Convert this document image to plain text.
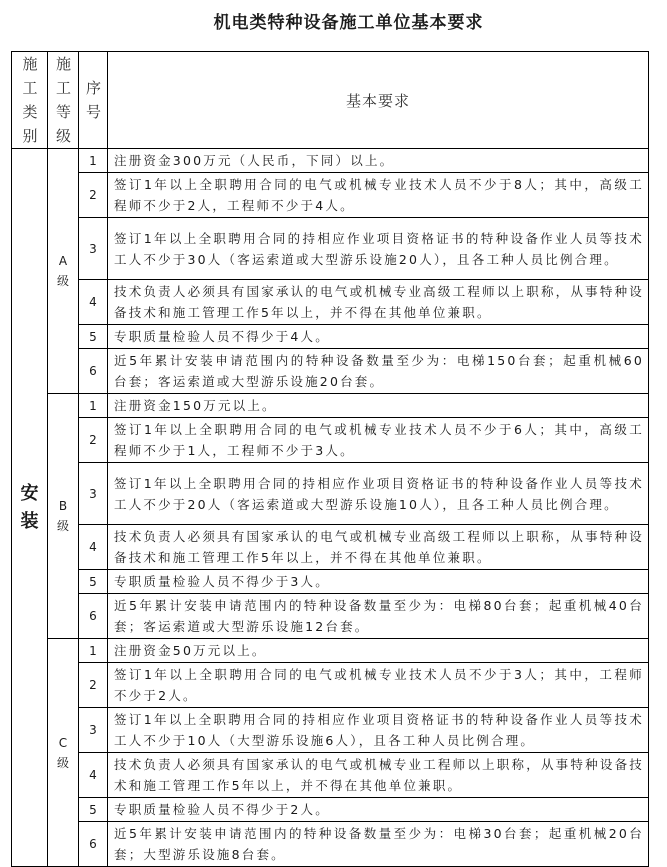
机电类特种设备施工单位基本要求
施工类别	施工等级	序号	基本要求
安装	A级	1	注册资金300万元（人民币，下同）以上。
		2	签订1年以上全职聘用合同的电气或机械专业技术人员不少于8人；其中，高级工程师不少于2人，工程师不少于4人。
		3	签订1年以上全职聘用合同的持相应作业项目资格证书的特种设备作业人员等技术工人不少于30人（客运索道或大型游乐设施20人），且各工种人员比例合理。
		4	技术负责人必须具有国家承认的电气或机械专业高级工程师以上职称，从事特种设备技术和施工管理工作5年以上，并不得在其他单位兼职。
		5	专职质量检验人员不得少于4人。
		6	近5年累计安装申请范围内的特种设备数量至少为：电梯150台套；起重机械60台套；客运索道或大型游乐设施20台套。
	B级	1	注册资金150万元以上。
		2	签订1年以上全职聘用合同的电气或机械专业技术人员不少于6人；其中，高级工程师不少于1人，工程师不少于3人。
		3	签订1年以上全职聘用合同的持相应作业项目资格证书的特种设备作业人员等技术工人不少于20人（客运索道或大型游乐设施10人），且各工种人员比例合理。
		4	技术负责人必须具有国家承认的电气或机械专业高级工程师以上职称，从事特种设备技术和施工管理工作5年以上，并不得在其他单位兼职。
		5	专职质量检验人员不得少于3人。
		6	近5年累计安装申请范围内的特种设备数量至少为：电梯80台套；起重机械40台套；客运索道或大型游乐设施12台套。
	C级	1	注册资金50万元以上。
		2	签订1年以上全职聘用合同的电气或机械专业技术人员不少于3人；其中，工程师不少于2人。
		3	签订1年以上全职聘用合同的持相应作业项目资格证书的特种设备作业人员等技术工人不少于10人（大型游乐设施6人），且各工种人员比例合理。
		4	技术负责人必须具有国家承认的电气或机械专业工程师以上职称，从事特种设备技术和施工管理工作5年以上，并不得在其他单位兼职。
		5	专职质量检验人员不得少于2人。
		6	近5年累计安装申请范围内的特种设备数量至少为：电梯30台套；起重机械20台套；大型游乐设施8台套。
